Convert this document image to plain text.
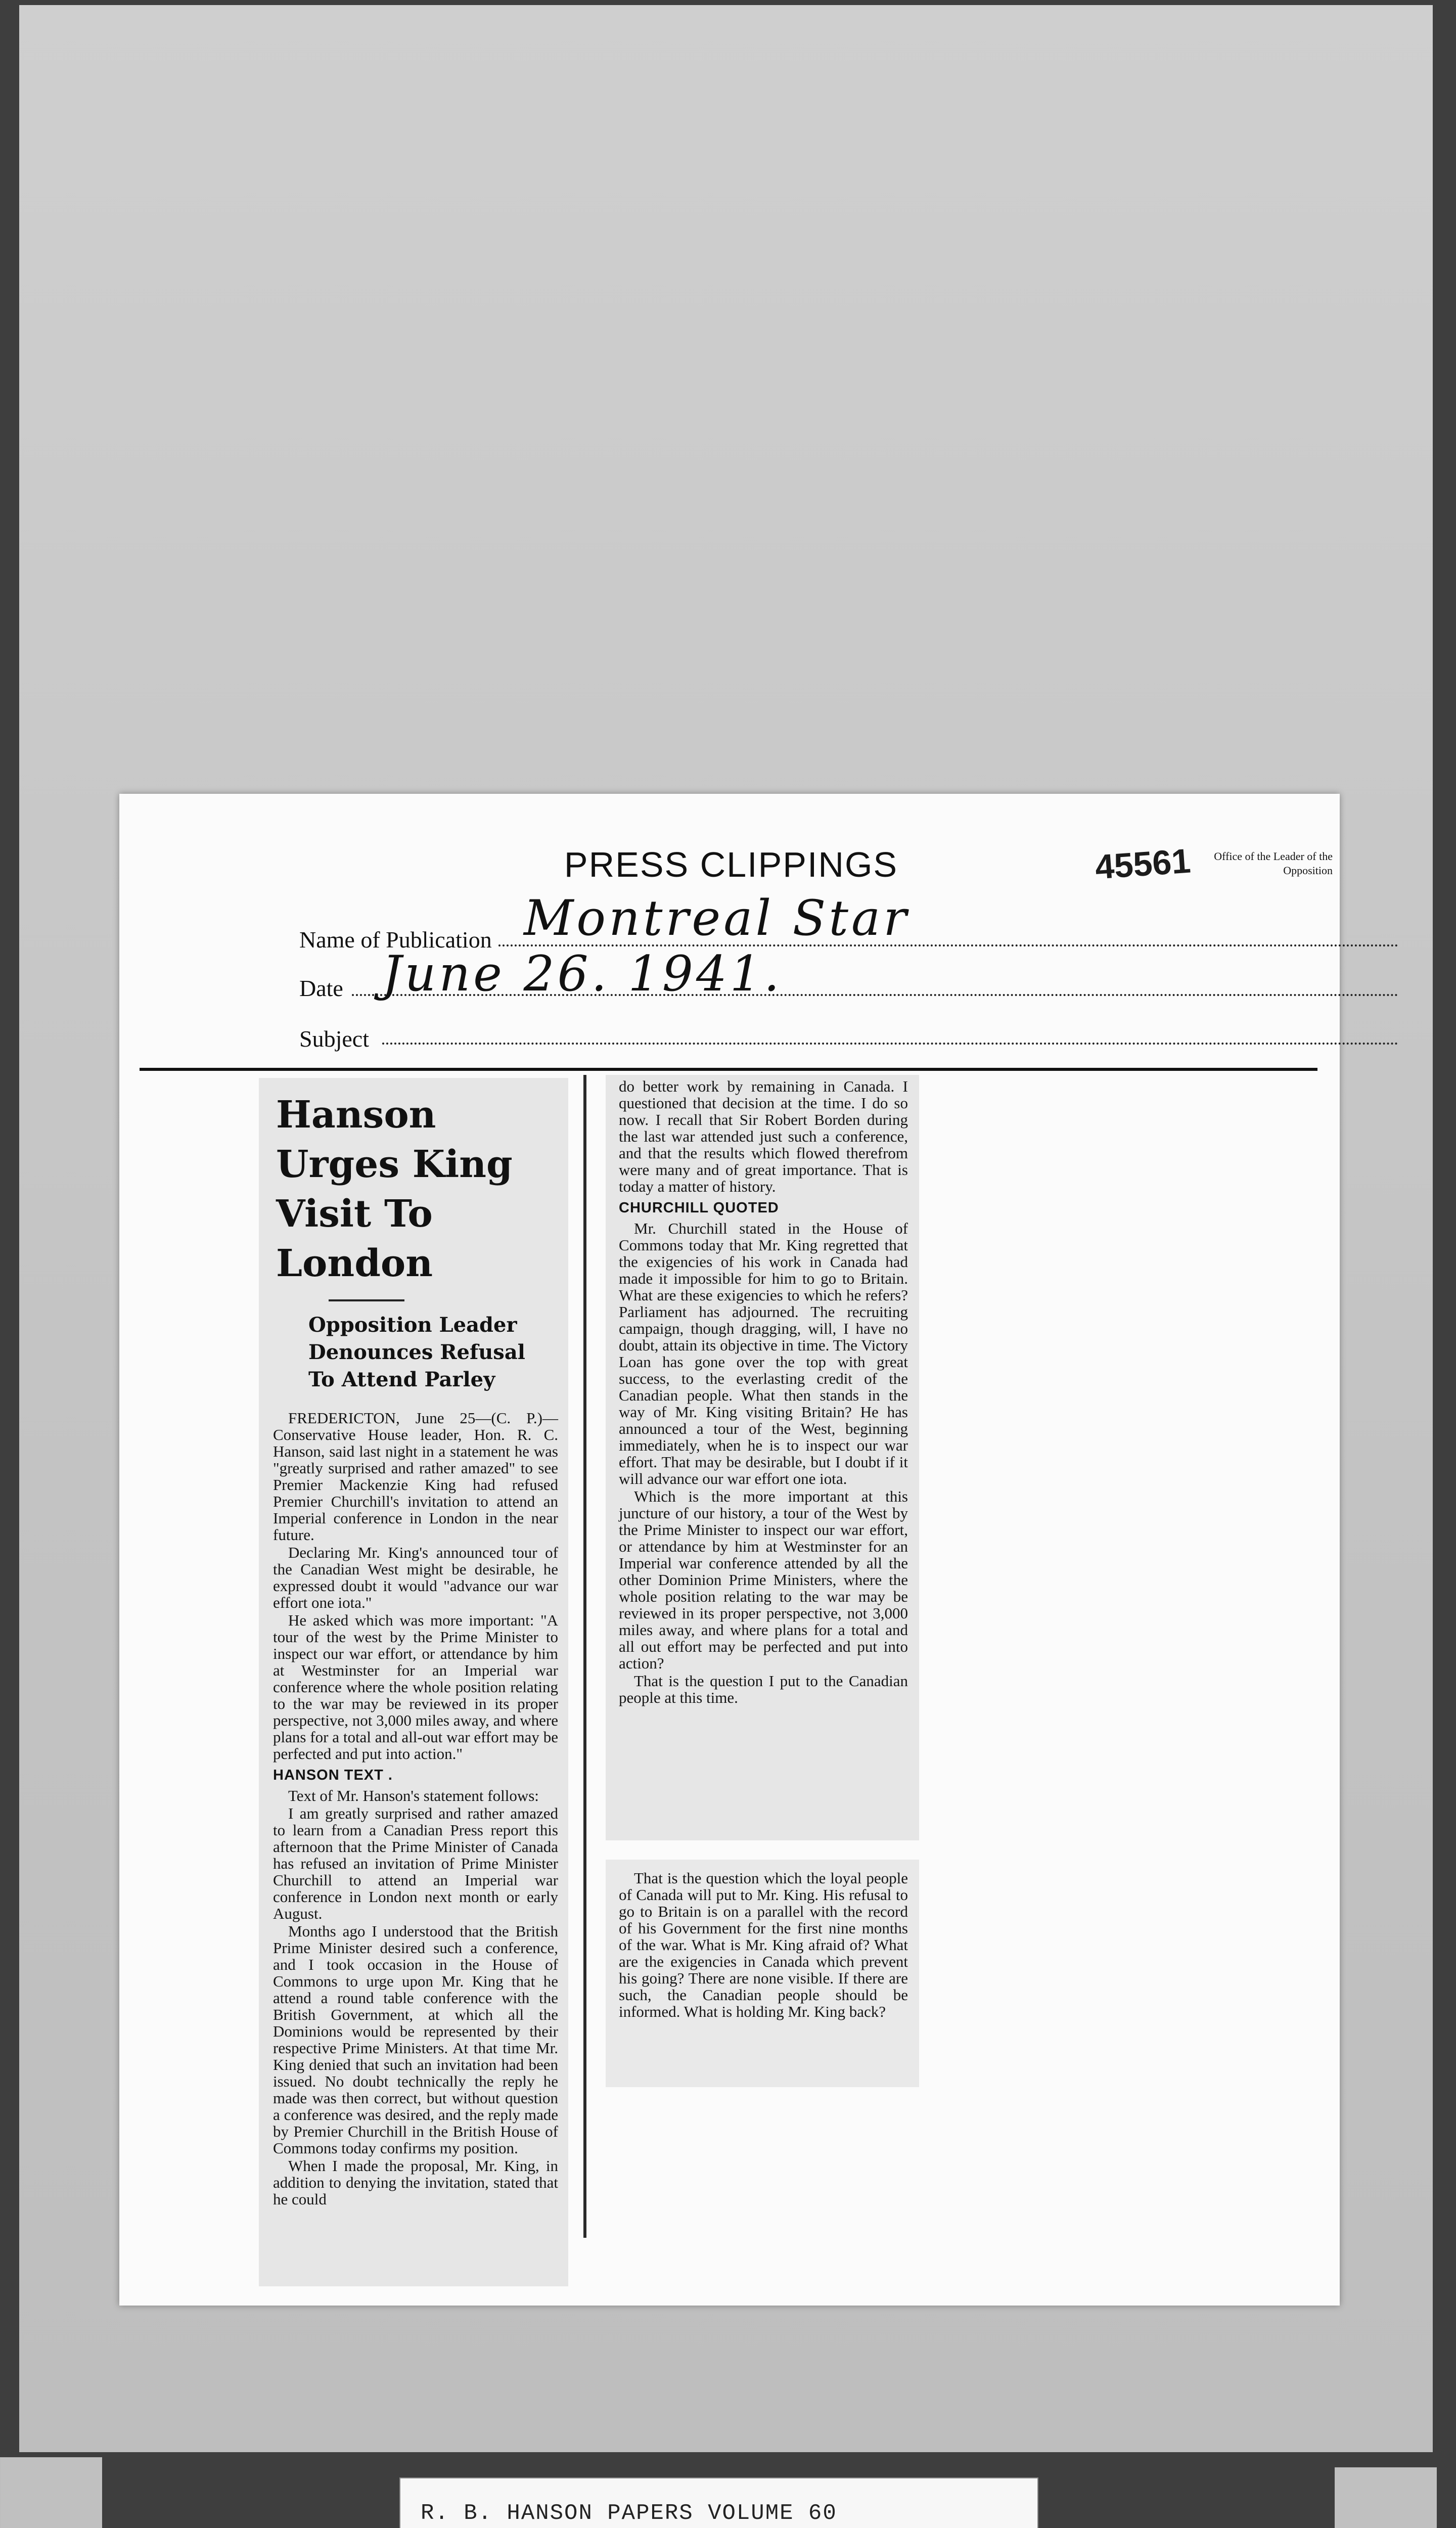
PRESS CLIPPINGS	45561	Office of the Leader of the Opposition
Name of Publication Montreal Star
Date June 26. 1941.
Subject
Hanson Urges King Visit To London
Opposition Leader Denounces Refusal To Attend Parley

FREDERICTON, June 25—(C. P.)—Conservative House leader, Hon. R. C. Hanson, said last night in a statement he was "greatly surprised and rather amazed" to see Premier Mackenzie King had refused Premier Churchill's invitation to attend an Imperial conference in London in the near future.

Declaring Mr. King's announced tour of the Canadian West might be desirable, he expressed doubt it would "advance our war effort one iota."

He asked which was more important: "A tour of the west by the Prime Minister to inspect our war effort, or attendance by him at Westminster for an Imperial war conference where the whole position relating to the war may be reviewed in its proper perspective, not 3,000 miles away, and where plans for a total and all-out war effort may be perfected and put into action."

HANSON TEXT .

Text of Mr. Hanson's statement follows:

I am greatly surprised and rather amazed to learn from a Canadian Press report this afternoon that the Prime Minister of Canada has refused an invitation of Prime Minister Churchill to attend an Imperial war conference in London next month or early August.

Months ago I understood that the British Prime Minister desired such a conference, and I took occasion in the House of Commons to urge upon Mr. King that he attend a round table conference with the British Government, at which all the Dominions would be represented by their respective Prime Ministers. At that time Mr. King denied that such an invitation had been issued. No doubt technically the reply he made was then correct, but without question a conference was desired, and the reply made by Premier Churchill in the British House of Commons today confirms my position.

When I made the proposal, Mr. King, in addition to denying the invitation, stated that he could

do better work by remaining in Canada. I questioned that decision at the time. I do so now. I recall that Sir Robert Borden during the last war attended just such a conference, and that the results which flowed therefrom were many and of great importance. That is today a matter of history.

CHURCHILL QUOTED

Mr. Churchill stated in the House of Commons today that Mr. King regretted that the exigencies of his work in Canada had made it impossible for him to go to Britain. What are these exigencies to which he refers? Parliament has adjourned. The recruiting campaign, though dragging, will, I have no doubt, attain its objective in time. The Victory Loan has gone over the top with great success, to the everlasting credit of the Canadian people. What then stands in the way of Mr. King visiting Britain? He has announced a tour of the West, beginning immediately, when he is to inspect our war effort. That may be desirable, but I doubt if it will advance our war effort one iota.

Which is the more important at this juncture of our history, a tour of the West by the Prime Minister to inspect our war effort, or attendance by him at Westminster for an Imperial war conference attended by all the other Dominion Prime Ministers, where the whole position relating to the war may be reviewed in its proper perspective, not 3,000 miles away, and where plans for a total and all out effort may be perfected and put into action?

That is the question I put to the Canadian people at this time.

That is the question which the loyal people of Canada will put to Mr. King. His refusal to go to Britain is on a parallel with the record of his Government for the first nine months of the war. What is Mr. King afraid of? What are the exigencies in Canada which prevent his going? There are none visible. If there are such, the Canadian people should be informed. What is holding Mr. King back?

R. B. HANSON PAPERS VOLUME 60
